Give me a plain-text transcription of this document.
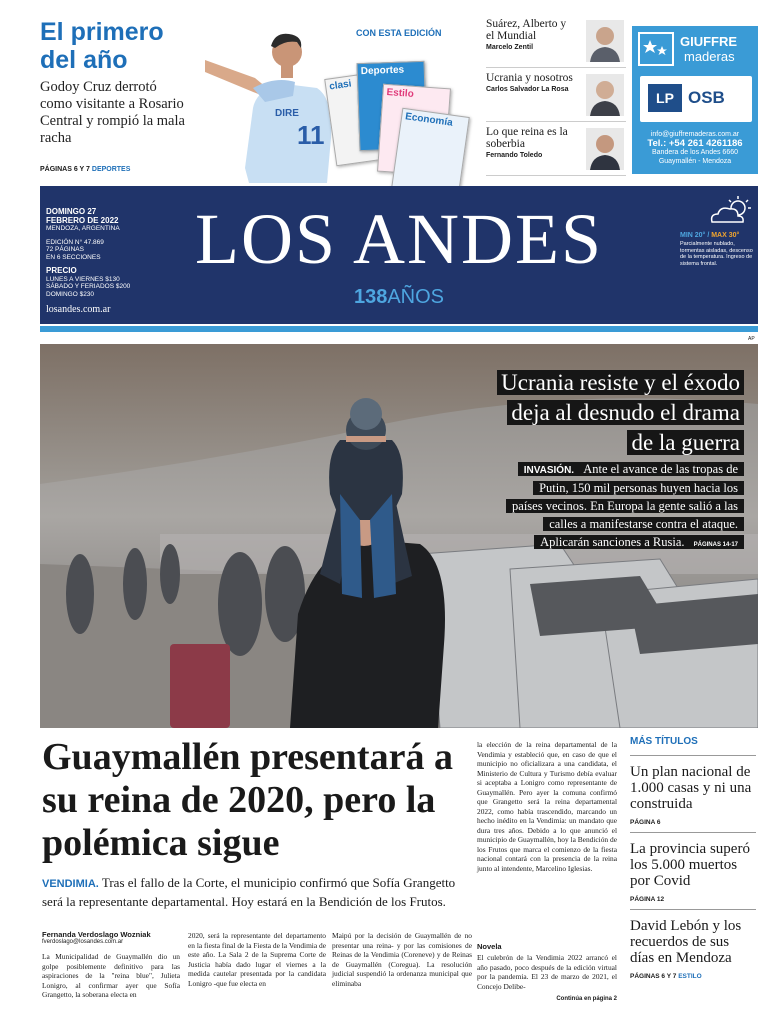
El primero del año
Godoy Cruz derrotó como visitante a Rosario Central y rompió la mala racha
PÁGINAS 6 Y 7 DEPORTES
11
DIRE
CON ESTA EDICIÓN
clasi
Deportes
Estilo
Economía
Suárez, Alberto y el Mundial
Marcelo Zentil
Ucrania y nosotros
Carlos Salvador La Rosa
Lo que reina es la soberbia
Fernando Toledo
GIUFFRE
maderas
LP OSB
info@giuffremaderas.com.ar
Tel.: +54 261 4261186
Bandera de los Andes 6660
Guaymallén - Mendoza
DOMINGO 27
FEBRERO DE 2022
MENDOZA, ARGENTINA
EDICIÓN N° 47.869
72 PÁGINAS
EN 6 SECCIONES
PRECIO
LUNES A VIERNES $130
SÁBADO Y FERIADOS $200
DOMINGO $230
losandes.com.ar
LOS ANDES
138AÑOS
MIN 20° / MAX 30°
Parcialmente nublado, tormentas aisladas, descenso de la temperatura. Ingreso de sistema frontal.
AP
Ucrania resiste y el éxodo deja al desnudo el drama de la guerra
INVASIÓN. Ante el avance de las tropas de Putin, 150 mil personas huyen hacia los países vecinos. En Europa la gente salió a las calles a manifestarse contra el ataque. Aplicarán sanciones a Rusia. PÁGINAS 14-17
Guaymallén presentará a su reina de 2020, pero la polémica sigue
VENDIMIA. Tras el fallo de la Corte, el municipio confirmó que Sofía Grangetto será la representante departamental. Hoy estará en la Bendición de los Frutos.
Fernanda Verdoslago Wozniak
fverdoslago@losandes.com.ar
La Municipalidad de Guaymallén dio un golpe posiblemente definitivo para las aspiraciones de la "reina blue", Julieta Lonigro, al confirmar ayer que Sofía Grangetto, la soberana electa en
2020, será la representante del departamento en la fiesta final de la Fiesta de la Vendimia de este año. La Sala 2 de la Suprema Corte de Justicia había dado lugar el viernes a la medida cautelar presentada por la candidata Lonigro -que fue electa en
Maipú por la decisión de Guaymallén de no presentar una reina- y por las comisiones de Reinas de la Vendimia (Coreneve) y de Reinas de Guaymallén (Coregua). La resolución judicial suspendió la ordenanza municipal que eliminaba
la elección de la reina departamental de la Vendimia y estableció que, en caso de que el municipio no oficializara a una candidata, el Ministerio de Cultura y Turismo debía evaluar si aceptaba a Lonigro como representante de Guaymallén. Pero ayer la comuna confirmó que Grangetto será la reina departamental 2022, como había trascendido, marcando un hecho inédito en la Vendimia: un mandato que dura tres años. Debido a lo que anunció el municipio de Guaymallén, hoy la Bendición de los Frutos que marca el comienzo de la fiesta nacional contará con la presencia de la reina junto al intendente, Marcelino Iglesias.
Novela
El culebrón de la Vendimia 2022 arrancó el año pasado, poco después de la edición virtual por la pandemia. El 23 de marzo de 2021, el Concejo Delibe-
Continúa en página 2
MÁS TÍTULOS
Un plan nacional de 1.000 casas y ni una construida
PÁGINA 6
La provincia superó los 5.000 muertos por Covid
PÁGINA 12
David Lebón y los recuerdos de sus días en Mendoza
PÁGINAS 6 Y 7 ESTILO
